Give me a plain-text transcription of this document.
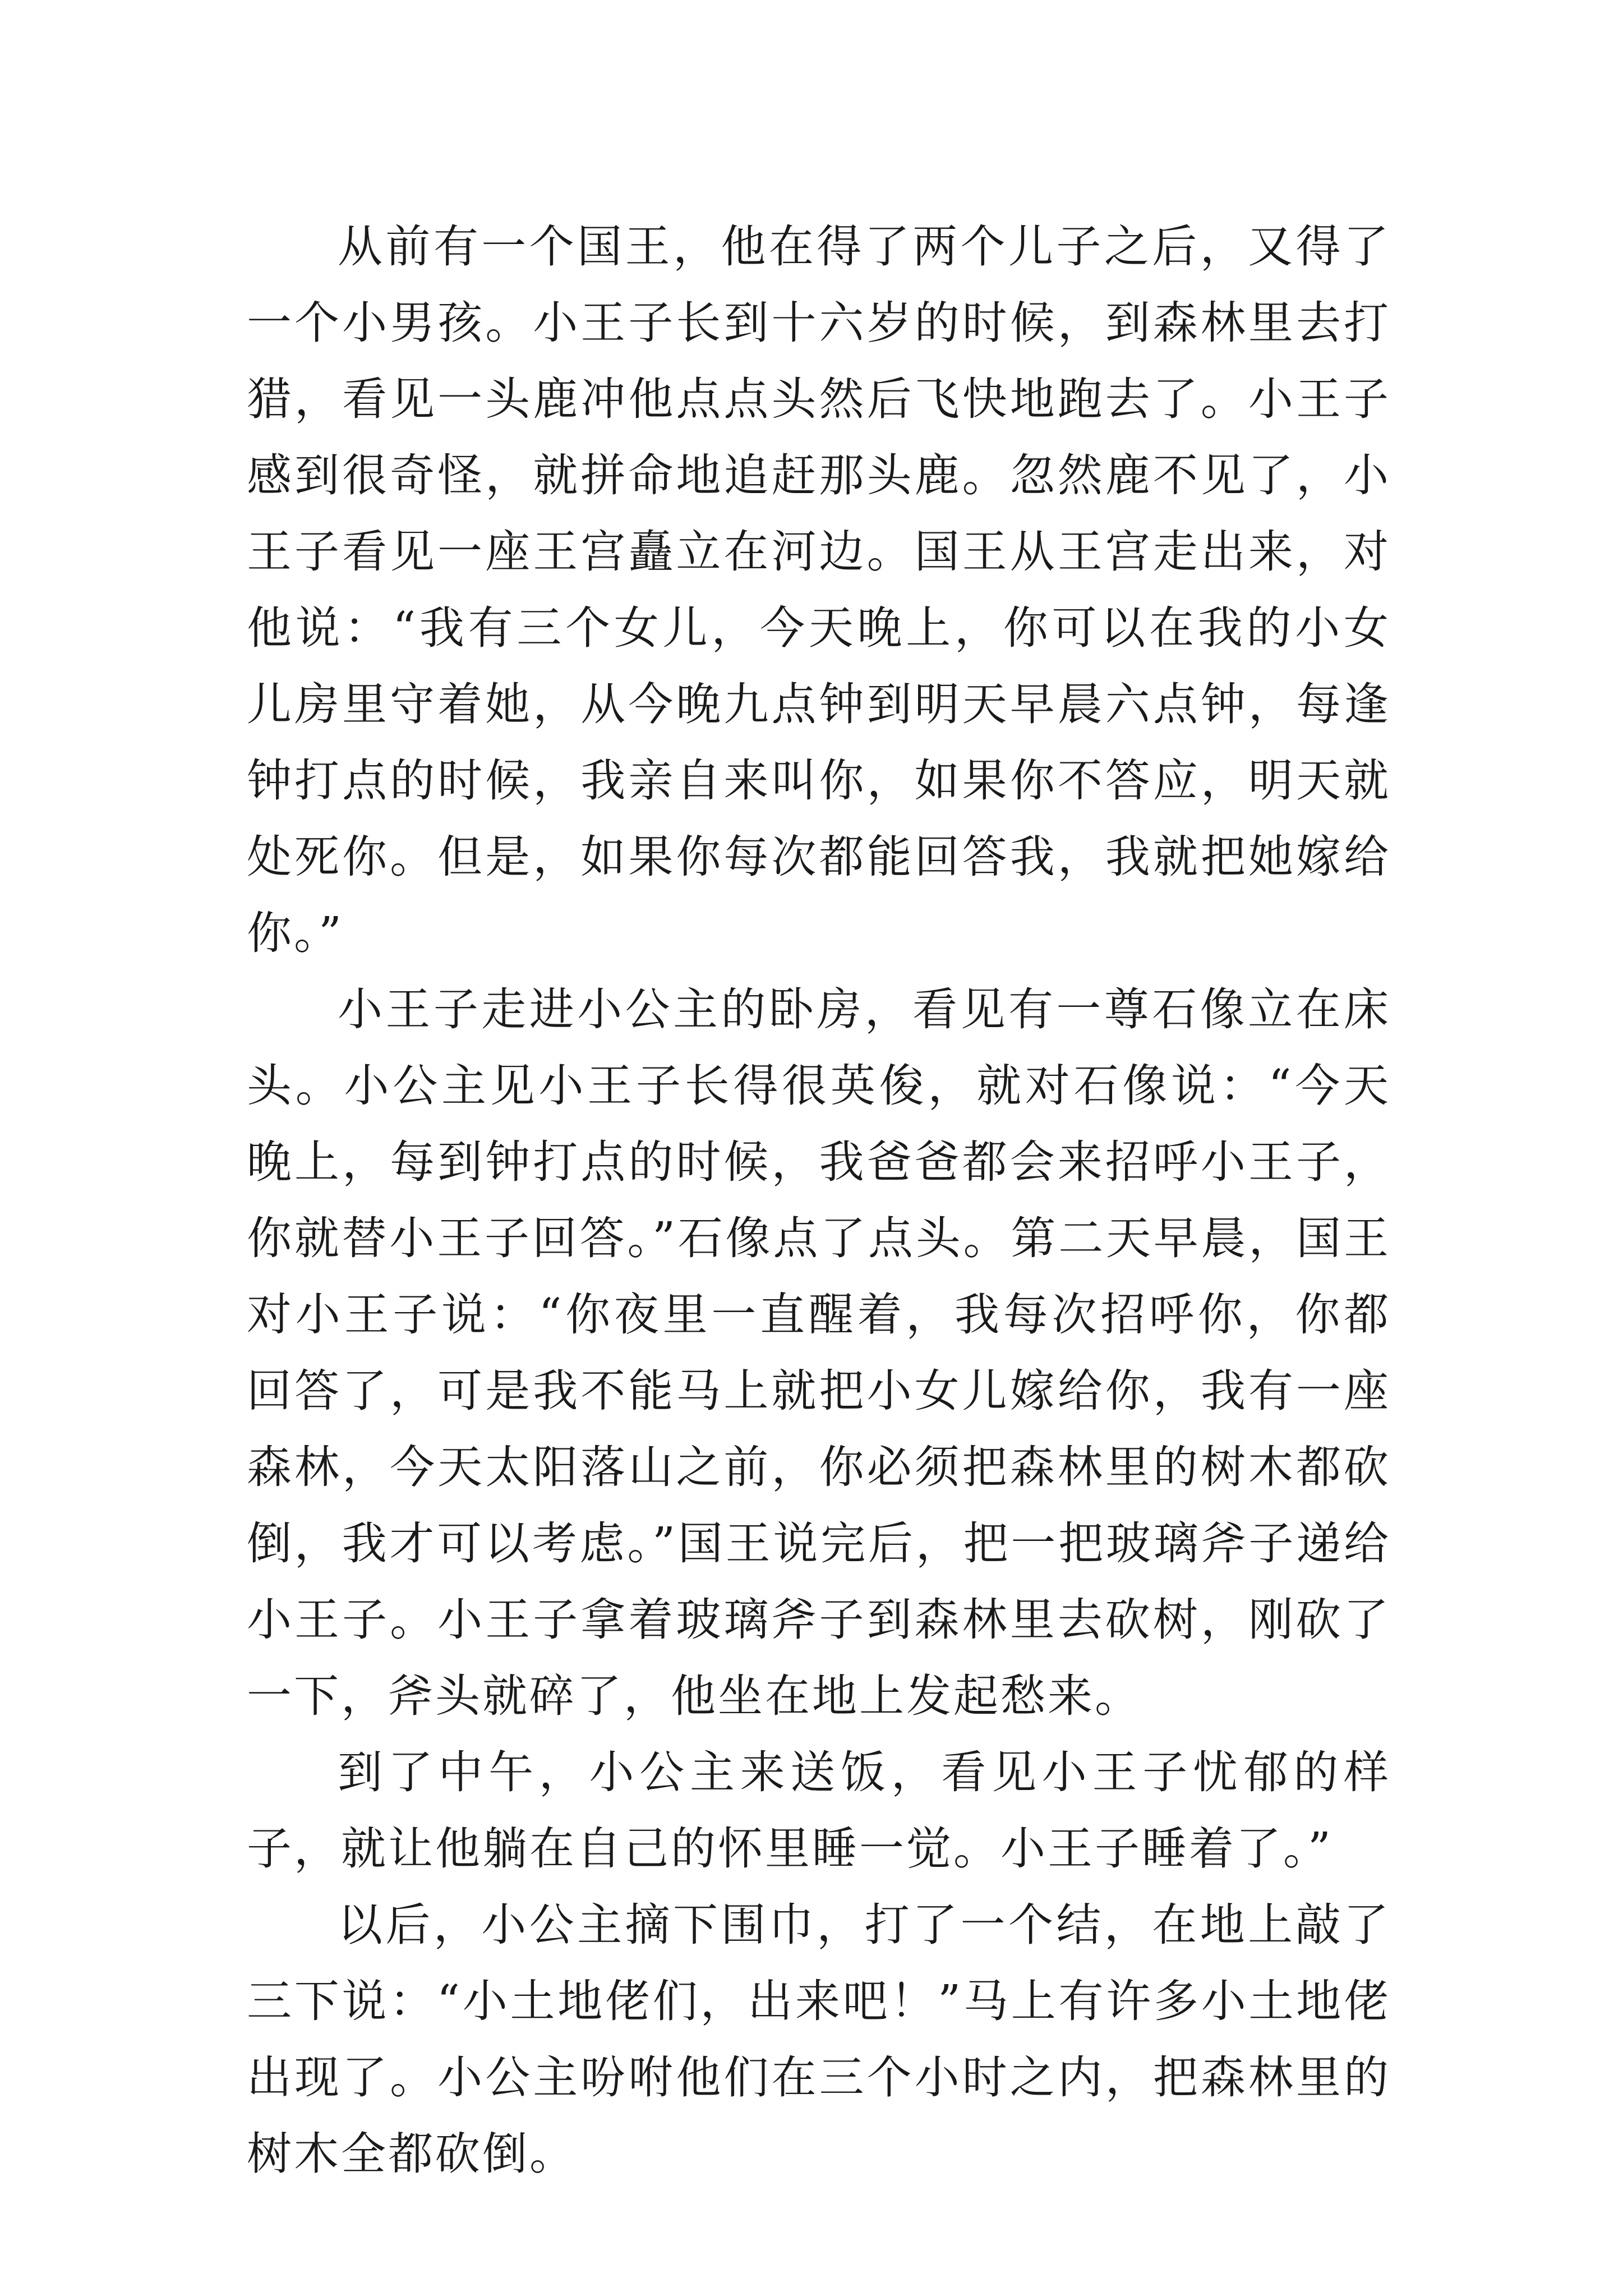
从前有一个国王，他在得了两个儿子之后，又得了一个小男孩。小王子长到十六岁的时候，到森林里去打猎，看见一头鹿冲他点点头然后飞快地跑去了。小王子感到很奇怪，就拼命地追赶那头鹿。忽然鹿不见了，小王子看见一座王宫矗立在河边。国王从王宫走出来，对他说：“我有三个女儿，今天晚上，你可以在我的小女儿房里守着她，从今晚九点钟到明天早晨六点钟，每逢钟打点的时候，我亲自来叫你，如果你不答应，明天就处死你。但是，如果你每次都能回答我，我就把她嫁给你。”

小王子走进小公主的卧房，看见有一尊石像立在床头。小公主见小王子长得很英俊，就对石像说：“今天晚上，每到钟打点的时候，我爸爸都会来招呼小王子，你就替小王子回答。”石像点了点头。第二天早晨，国王对小王子说：“你夜里一直醒着，我每次招呼你，你都回答了，可是我不能马上就把小女儿嫁给你，我有一座森林，今天太阳落山之前，你必须把森林里的树木都砍倒，我才可以考虑。”国王说完后，把一把玻璃斧子递给小王子。小王子拿着玻璃斧子到森林里去砍树，刚砍了一下，斧头就碎了，他坐在地上发起愁来。

到了中午，小公主来送饭，看见小王子忧郁的样子，就让他躺在自己的怀里睡一觉。小王子睡着了。”

以后，小公主摘下围巾，打了一个结，在地上敲了三下说：“小土地佬们，出来吧！”马上有许多小土地佬出现了。小公主吩咐他们在三个小时之内，把森林里的树木全都砍倒。
